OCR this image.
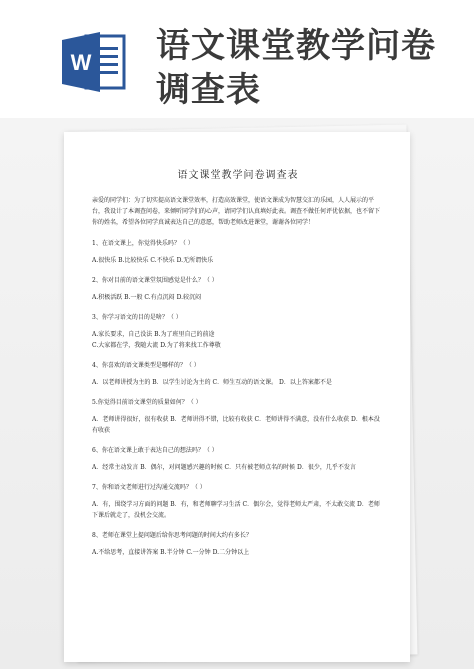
W 语文课堂教学问卷调查表
语文课堂教学问卷调查表
亲爱的同学们：为了切实提高语文课堂效率，打造高效课堂，使语文课成为智慧交汇的乐园，人人展示的平台，我设计了本调查问卷，来倾听同学们的心声，请同学们认真填好此表。调查不做任何评优依据，也不留下你的姓名，希望各位同学真诚表达自己的意愿，帮助老师改进课堂，谢谢各位同学！
1、在语文课上，你觉得快乐吗？（ ）
A.很快乐 B.比较快乐 C.不快乐 D.无所谓快乐
2、你对目前的语文课堂氛围感觉是什么？（ ）
A.积极活跃 B.一般 C.有点沉闷 D.较沉闷
3、你学习语文的目的是啥？（ ）
A.家长要求，自己没法 B.为了班里自己的前途
C.大家都在学，我随大流 D.为了将来找工作尊敬
4、你喜欢的语文课类型是哪样的？（ ）
A．以老师讲授为主的 B．以学生讨论为主的 C．师生互动的语文课。 D．以上答案都不是
5.你觉得目前语文课堂的质量如何？（ ）
A．老师讲得很好，很有收获 B．老师讲得不错，比较有收获 C．老师讲得不满意，没有什么收获 D．根本没有收获
6、你在语文课上敢于表达自己的想法吗？（ ）
A．经常主动发言 B．偶尔，对问题感兴趣的时候 C．只有被老师点名的时候 D．很少，几乎不发言
7、你和语文老师进行过沟通交流吗？（ ）
A．有，围绕学习方面的问题 B．有，和老师聊学习生活 C．偶尔会，觉得老师太严肃，不太敢交流 D．老师下课后就走了，没机会交流。
8、老师在课堂上提问题后给你思考问题的时间大约有多长？
A.不给思考，直接讲答案 B.半分钟 C.一分钟 D.二分钟以上
